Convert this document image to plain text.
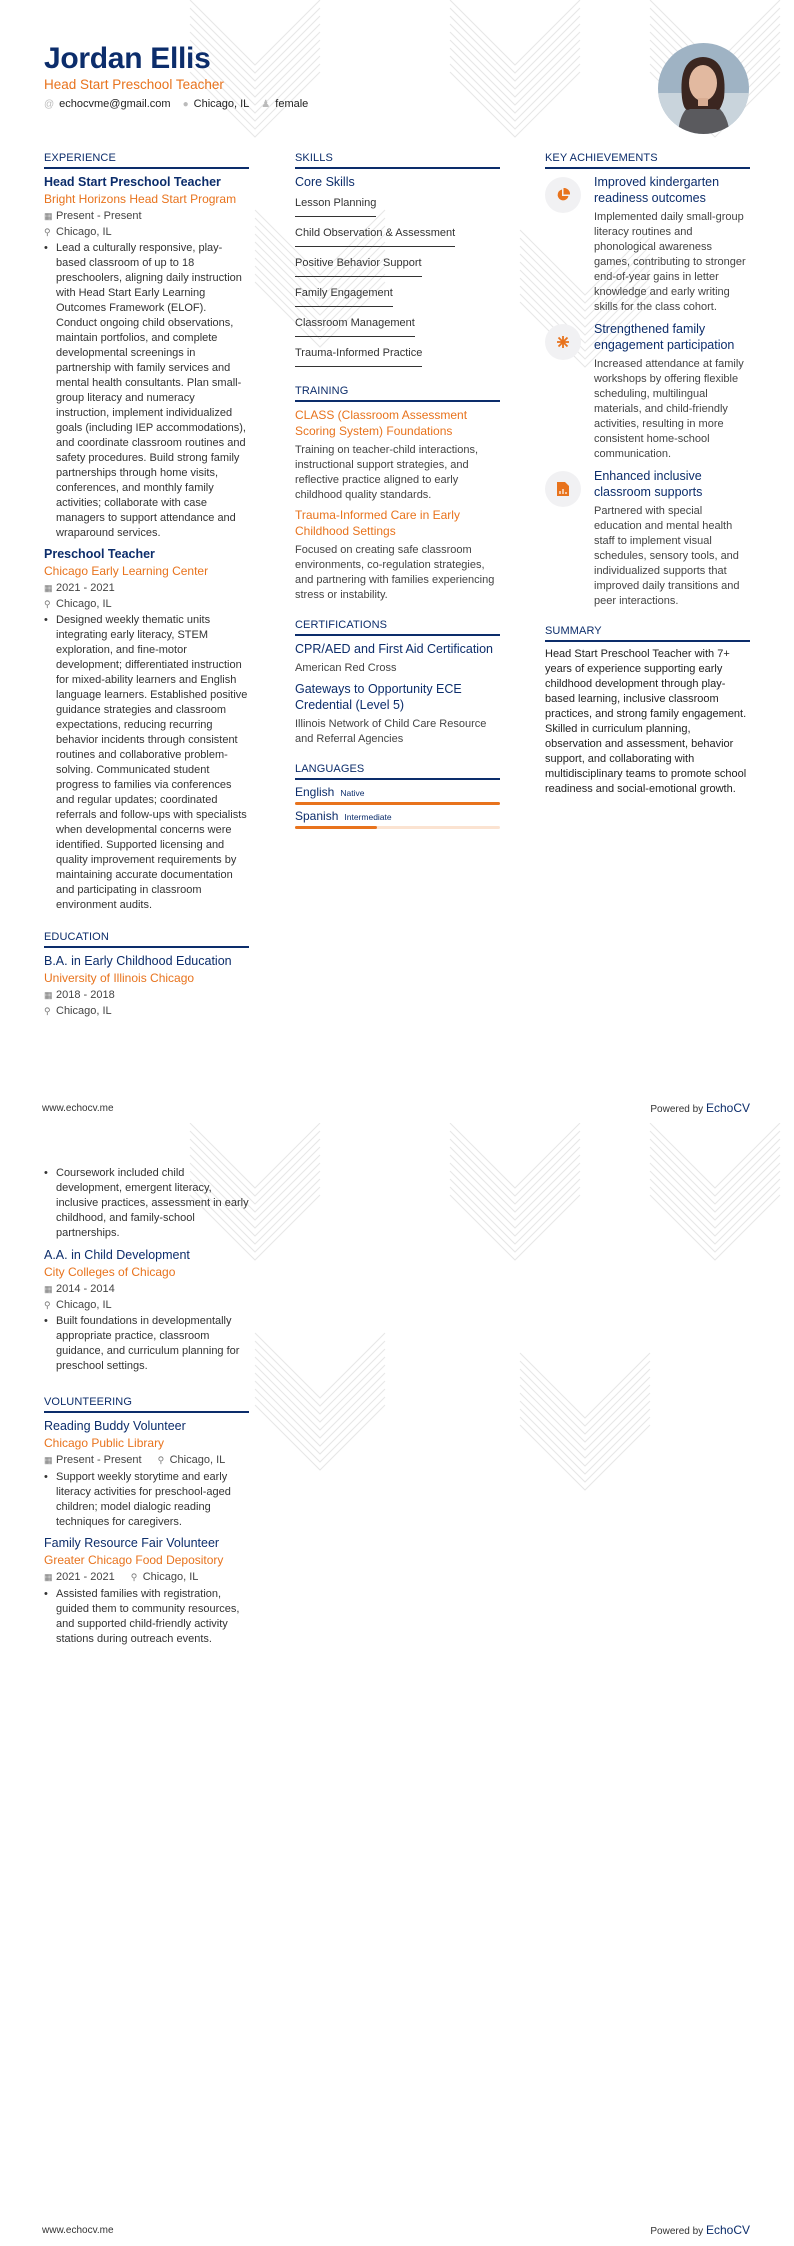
Jordan Ellis
Head Start Preschool Teacher
@ echocvme@gmail.com ● Chicago, IL ♟ female
EXPERIENCE
Head Start Preschool Teacher
Bright Horizons Head Start Program
▦ Present - Present
⚲ Chicago, IL
• Lead a culturally responsive, play-based classroom of up to 18 preschoolers, aligning daily instruction with Head Start Early Learning Outcomes Framework (ELOF). Conduct ongoing child observations, maintain portfolios, and complete developmental screenings in partnership with family services and mental health consultants. Plan small-group literacy and numeracy instruction, implement individualized goals (including IEP accommodations), and coordinate classroom routines and safety procedures. Build strong family partnerships through home visits, conferences, and monthly family activities; collaborate with case managers to support attendance and wraparound services.
Preschool Teacher
Chicago Early Learning Center
▦ 2021 - 2021
⚲ Chicago, IL
• Designed weekly thematic units integrating early literacy, STEM exploration, and fine-motor development; differentiated instruction for mixed-ability learners and English language learners. Established positive guidance strategies and classroom expectations, reducing recurring behavior incidents through consistent routines and collaborative problem-solving. Communicated student progress to families via conferences and regular updates; coordinated referrals and follow-ups with specialists when developmental concerns were identified. Supported licensing and quality improvement requirements by maintaining accurate documentation and participating in classroom environment audits.
EDUCATION
B.A. in Early Childhood Education
University of Illinois Chicago
▦ 2018 - 2018
⚲ Chicago, IL
SKILLS
Core Skills
Lesson Planning
Child Observation & Assessment
Positive Behavior Support
Family Engagement
Classroom Management
Trauma-Informed Practice
TRAINING
CLASS (Classroom Assessment Scoring System) Foundations
Training on teacher-child interactions, instructional support strategies, and reflective practice aligned to early childhood quality standards.
Trauma-Informed Care in Early Childhood Settings
Focused on creating safe classroom environments, co-regulation strategies, and partnering with families experiencing stress or instability.
CERTIFICATIONS
CPR/AED and First Aid Certification
American Red Cross
Gateways to Opportunity ECE Credential (Level 5)
Illinois Network of Child Care Resource and Referral Agencies
LANGUAGES
English Native
Spanish Intermediate
KEY ACHIEVEMENTS
Improved kindergarten readiness outcomes
Implemented daily small-group literacy routines and phonological awareness games, contributing to stronger end-of-year gains in letter knowledge and early writing skills for the class cohort.
Strengthened family engagement participation
Increased attendance at family workshops by offering flexible scheduling, multilingual materials, and child-friendly activities, resulting in more consistent home-school communication.
Enhanced inclusive classroom supports
Partnered with special education and mental health staff to implement visual schedules, sensory tools, and individualized supports that improved daily transitions and peer interactions.
SUMMARY
Head Start Preschool Teacher with 7+ years of experience supporting early childhood development through play-based learning, inclusive classroom practices, and strong family engagement. Skilled in curriculum planning, observation and assessment, behavior support, and collaborating with multidisciplinary teams to promote school readiness and social-emotional growth.
www.echocv.me	Powered by EchoCV
• Coursework included child development, emergent literacy, inclusive practices, assessment in early childhood, and family-school partnerships.
A.A. in Child Development
City Colleges of Chicago
▦ 2014 - 2014
⚲ Chicago, IL
• Built foundations in developmentally appropriate practice, classroom guidance, and curriculum planning for preschool settings.
VOLUNTEERING
Reading Buddy Volunteer
Chicago Public Library
▦ Present - Present ⚲ Chicago, IL
• Support weekly storytime and early literacy activities for preschool-aged children; model dialogic reading techniques for caregivers.
Family Resource Fair Volunteer
Greater Chicago Food Depository
▦ 2021 - 2021 ⚲ Chicago, IL
• Assisted families with registration, guided them to community resources, and supported child-friendly activity stations during outreach events.
www.echocv.me	Powered by EchoCV
